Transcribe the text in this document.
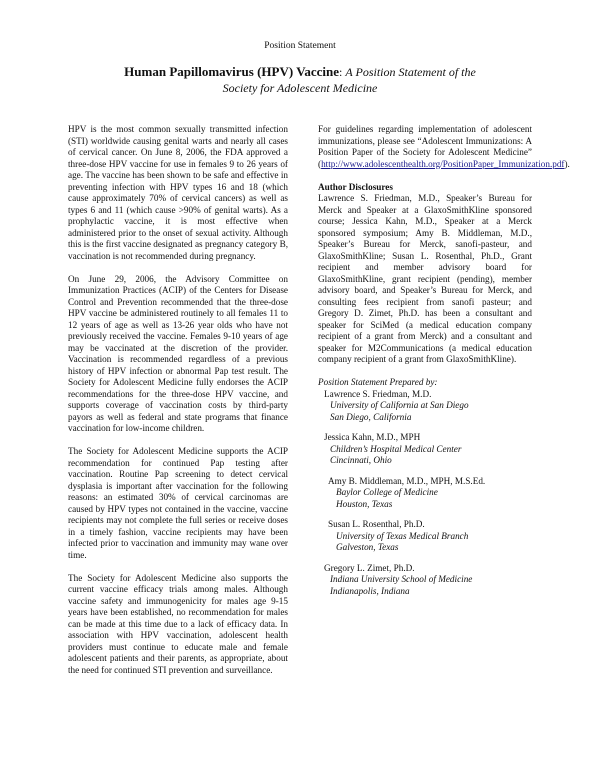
Position Statement
Human Papillomavirus (HPV) Vaccine: A Position Statement of the
Society for Adolescent Medicine

HPV is the most common sexually transmitted infection (STI) worldwide causing genital warts and nearly all cases of cervical cancer. On June 8, 2006, the FDA approved a three-dose HPV vaccine for use in females 9 to 26 years of age. The vaccine has been shown to be safe and effective in preventing infection with HPV types 16 and 18 (which cause approximately 70% of cervical cancers) as well as types 6 and 11 (which cause >90% of genital warts). As a prophylactic vaccine, it is most effective when administered prior to the onset of sexual activity. Although this is the first vaccine designated as pregnancy category B, vaccination is not recommended during pregnancy.

On June 29, 2006, the Advisory Committee on Immunization Practices (ACIP) of the Centers for Disease Control and Prevention recommended that the three-dose HPV vaccine be administered routinely to all females 11 to 12 years of age as well as 13-26 year olds who have not previously received the vaccine. Females 9-10 years of age may be vaccinated at the discretion of the provider. Vaccination is recommended regardless of a previous history of HPV infection or abnormal Pap test result. The Society for Adolescent Medicine fully endorses the ACIP recommendations for the three-dose HPV vaccine, and supports coverage of vaccination costs by third-party payors as well as federal and state programs that finance vaccination for low-income children.

The Society for Adolescent Medicine supports the ACIP recommendation for continued Pap testing after vaccination. Routine Pap screening to detect cervical dysplasia is important after vaccination for the following reasons: an estimated 30% of cervical carcinomas are caused by HPV types not contained in the vaccine, vaccine recipients may not complete the full series or receive doses in a timely fashion, vaccine recipients may have been infected prior to vaccination and immunity may wane over time.

The Society for Adolescent Medicine also supports the current vaccine efficacy trials among males. Although vaccine safety and immunogenicity for males age 9-15 years have been established, no recommendation for males can be made at this time due to a lack of efficacy data. In association with HPV vaccination, adolescent health providers must continue to educate male and female adolescent patients and their parents, as appropriate, about the need for continued STI prevention and surveillance.

For guidelines regarding implementation of adolescent immunizations, please see “Adolescent Immunizations: A Position Paper of the Society for Adolescent Medicine” (http://www.adolescenthealth.org/PositionPaper_Immunization.pdf).

Author Disclosures

Lawrence S. Friedman, M.D., Speaker’s Bureau for Merck and Speaker at a GlaxoSmithKline sponsored course; Jessica Kahn, M.D., Speaker at a Merck sponsored symposium; Amy B. Middleman, M.D., Speaker’s Bureau for Merck, sanofi-pasteur, and GlaxoSmithKline; Susan L. Rosenthal, Ph.D., Grant recipient and member advisory board for GlaxoSmithKline, grant recipient (pending), member advisory board, and Speaker’s Bureau for Merck, and consulting fees recipient from sanofi pasteur; and Gregory D. Zimet, Ph.D. has been a consultant and speaker for SciMed (a medical education company recipient of a grant from Merck) and a consultant and speaker for M2Communications (a medical education company recipient of a grant from GlaxoSmithKline).

Position Statement Prepared by:
Lawrence S. Friedman, M.D.
University of California at San Diego
San Diego, California
Jessica Kahn, M.D., MPH
Children’s Hospital Medical Center
Cincinnati, Ohio
Amy B. Middleman, M.D., MPH, M.S.Ed.
Baylor College of Medicine
Houston, Texas
Susan L. Rosenthal, Ph.D.
University of Texas Medical Branch
Galveston, Texas
Gregory L. Zimet, Ph.D.
Indiana University School of Medicine
Indianapolis, Indiana
